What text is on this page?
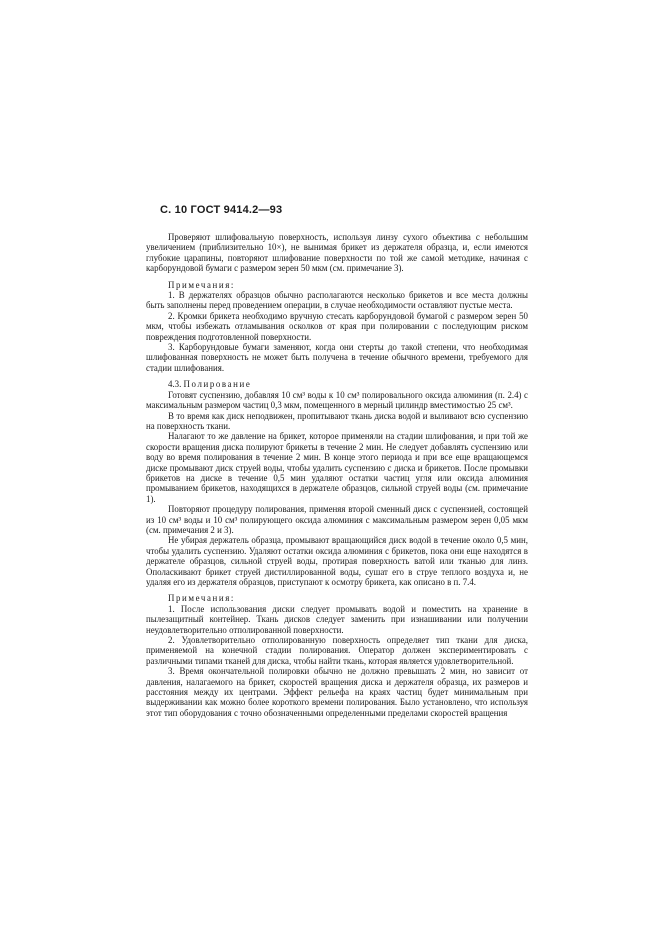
С. 10 ГОСТ 9414.2—93

Проверяют шлифовальную поверхность, используя линзу сухого объектива с небольшим увеличением (приблизительно 10×), не вынимая брикет из держателя образца, и, если имеются глубокие царапины, повторяют шлифование поверхности по той же самой методике, начиная с карборундовой бумаги с размером зерен 50 мкм (см. примечание 3).

Примечания:

1. В держателях образцов обычно располагаются несколько брикетов и все места должны быть заполнены перед проведением операции, в случае необходимости оставляют пустые места.

2. Кромки брикета необходимо вручную стесать карборундовой бумагой с размером зерен 50 мкм, чтобы избежать отламывания осколков от края при полировании с последующим риском повреждения подготовленной поверхности.

3. Карборундовые бумаги заменяют, когда они стерты до такой степени, что необходимая шлифованная поверхность не может быть получена в течение обычного времени, требуемого для стадии шлифования.

4.3. Полирование

Готовят суспензию, добавляя 10 см³ воды к 10 см³ полировального оксида алюминия (п. 2.4) с максимальным размером частиц 0,3 мкм, помещенного в мерный цилиндр вместимостью 25 см³.

В то время как диск неподвижен, пропитывают ткань диска водой и выливают всю суспензию на поверхность ткани.

Налагают то же давление на брикет, которое применяли на стадии шлифования, и при той же скорости вращения диска полируют брикеты в течение 2 мин. Не следует добавлять суспензию или воду во время полирования в течение 2 мин. В конце этого периода и при все еще вращающемся диске промывают диск струей воды, чтобы удалить суспензию с диска и брикетов. После промывки брикетов на диске в течение 0,5 мин удаляют остатки частиц угля или оксида алюминия промыванием брикетов, находящихся в держателе образцов, сильной струей воды (см. примечание 1).

Повторяют процедуру полирования, применяя второй сменный диск с суспензией, состоящей из 10 см³ воды и 10 см³ полирующего оксида алюминия с максимальным размером зерен 0,05 мкм (см. примечания 2 и 3).

Не убирая держатель образца, промывают вращающийся диск водой в течение около 0,5 мин, чтобы удалить суспензию. Удаляют остатки оксида алюминия с брикетов, пока они еще находятся в держателе образцов, сильной струей воды, протирая поверхность ватой или тканью для линз. Ополаскивают брикет струей дистиллированной воды, сушат его в струе теплого воздуха и, не удаляя его из держателя образцов, приступают к осмотру брикета, как описано в п. 7.4.

Примечания:

1. После использования диски следует промывать водой и поместить на хранение в пылезащитный контейнер. Ткань дисков следует заменить при изнашивании или получении неудовлетворительно отполированной поверхности.

2. Удовлетворительно отполированную поверхность определяет тип ткани для диска, применяемой на конечной стадии полирования. Оператор должен экспериментировать с различными типами тканей для диска, чтобы найти ткань, которая является удовлетворительной.

3. Время окончательной полировки обычно не должно превышать 2 мин, но зависит от давления, налагаемого на брикет, скоростей вращения диска и держателя образца, их размеров и расстояния между их центрами. Эффект рельефа на краях частиц будет минимальным при выдерживании как можно более короткого времени полирования. Было установлено, что используя этот тип оборудования с точно обозначенными определенными пределами скоростей вращения
